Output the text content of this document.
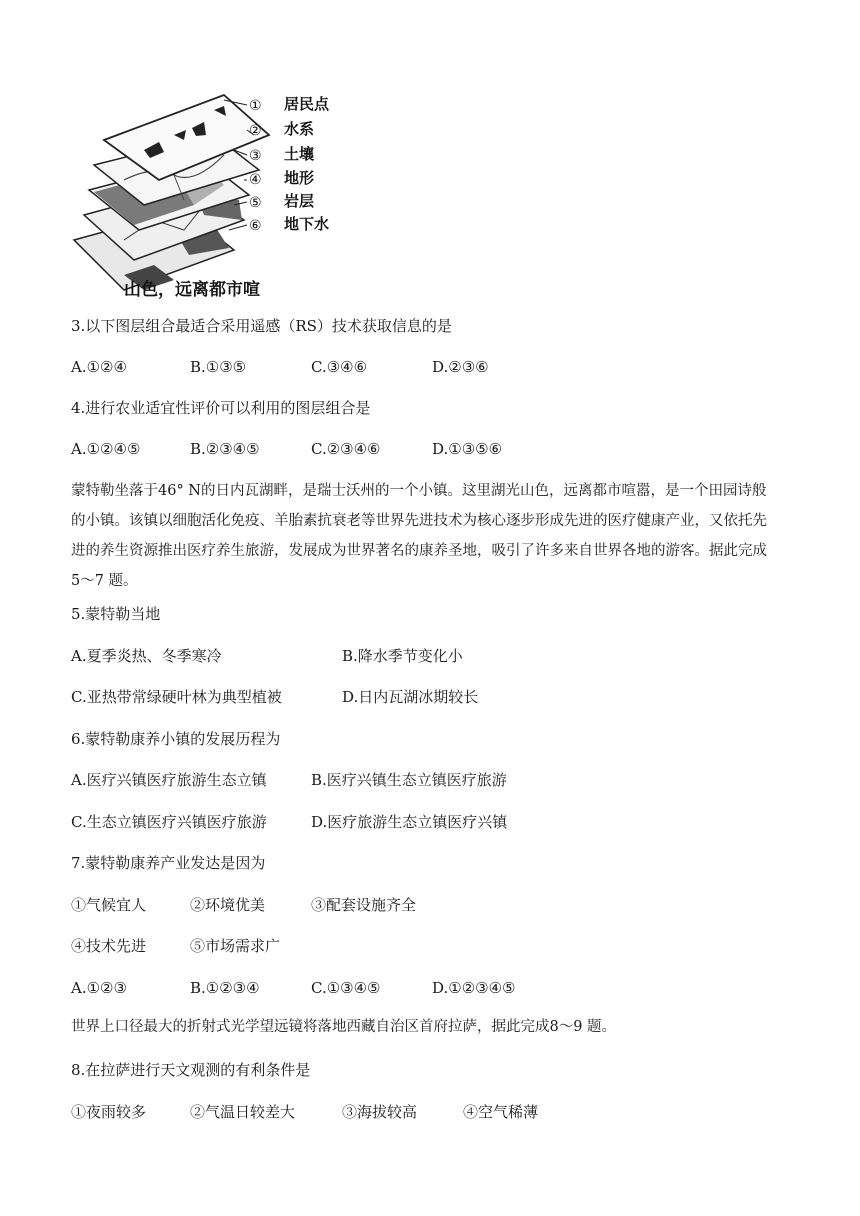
① 居民点
② 水系
③ 土壤
④ 地形
⑤ 岩层
⑥ 地下水
山色，远离都市喧
3.以下图层组合最适合采用遥感（RS）技术获取信息的是
A.①②④	B.①③⑤	C.③④⑥	D.②③⑥
4.进行农业适宜性评价可以利用的图层组合是
A.①②④⑤	B.②③④⑤	C.②③④⑥	D.①③⑤⑥
蒙特勒坐落于46° N的日内瓦湖畔，是瑞士沃州的一个小镇。这里湖光山色，远离都市喧嚣，是一个田园诗般
的小镇。该镇以细胞活化免疫、羊胎素抗衰老等世界先进技术为核心逐步形成先进的医疗健康产业，又依托先
进的养生资源推出医疗养生旅游，发展成为世界著名的康养圣地，吸引了许多来自世界各地的游客。据此完成
5～7 题。
5.蒙特勒当地
A.夏季炎热、冬季寒冷	B.降水季节变化小
C.亚热带常绿硬叶林为典型植被	D.日内瓦湖冰期较长
6.蒙特勒康养小镇的发展历程为
A.医疗兴镇医疗旅游生态立镇	B.医疗兴镇生态立镇医疗旅游
C.生态立镇医疗兴镇医疗旅游	D.医疗旅游生态立镇医疗兴镇
7.蒙特勒康养产业发达是因为
①气候宜人	②环境优美	③配套设施齐全
④技术先进	⑤市场需求广
A.①②③	B.①②③④	C.①③④⑤	D.①②③④⑤
世界上口径最大的折射式光学望远镜将落地西藏自治区首府拉萨，据此完成8～9 题。
8.在拉萨进行天文观测的有利条件是
①夜雨较多	②气温日较差大	③海拔较高	④空气稀薄
